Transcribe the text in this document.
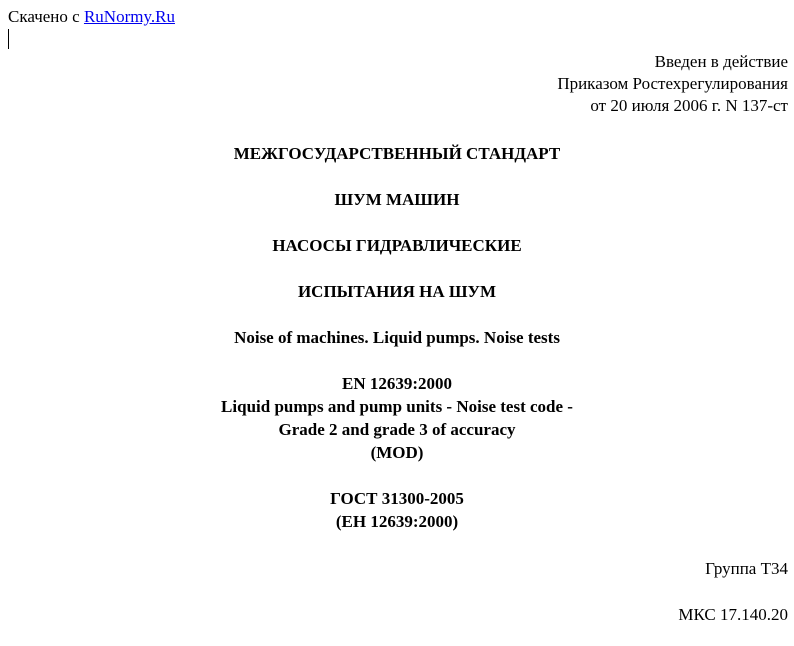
Скачено с RuNormy.Ru
Введен в действие
Приказом Ростехрегулирования
от 20 июля 2006 г. N 137-ст
МЕЖГОСУДАРСТВЕННЫЙ СТАНДАРТ
ШУМ МАШИН
НАСОСЫ ГИДРАВЛИЧЕСКИЕ
ИСПЫТАНИЯ НА ШУМ
Noise of machines. Liquid pumps. Noise tests
EN 12639:2000
Liquid pumps and pump units - Noise test code -
Grade 2 and grade 3 of accuracy
(MOD)
ГОСТ 31300-2005
(ЕН 12639:2000)
Группа Т34
МКС 17.140.20
